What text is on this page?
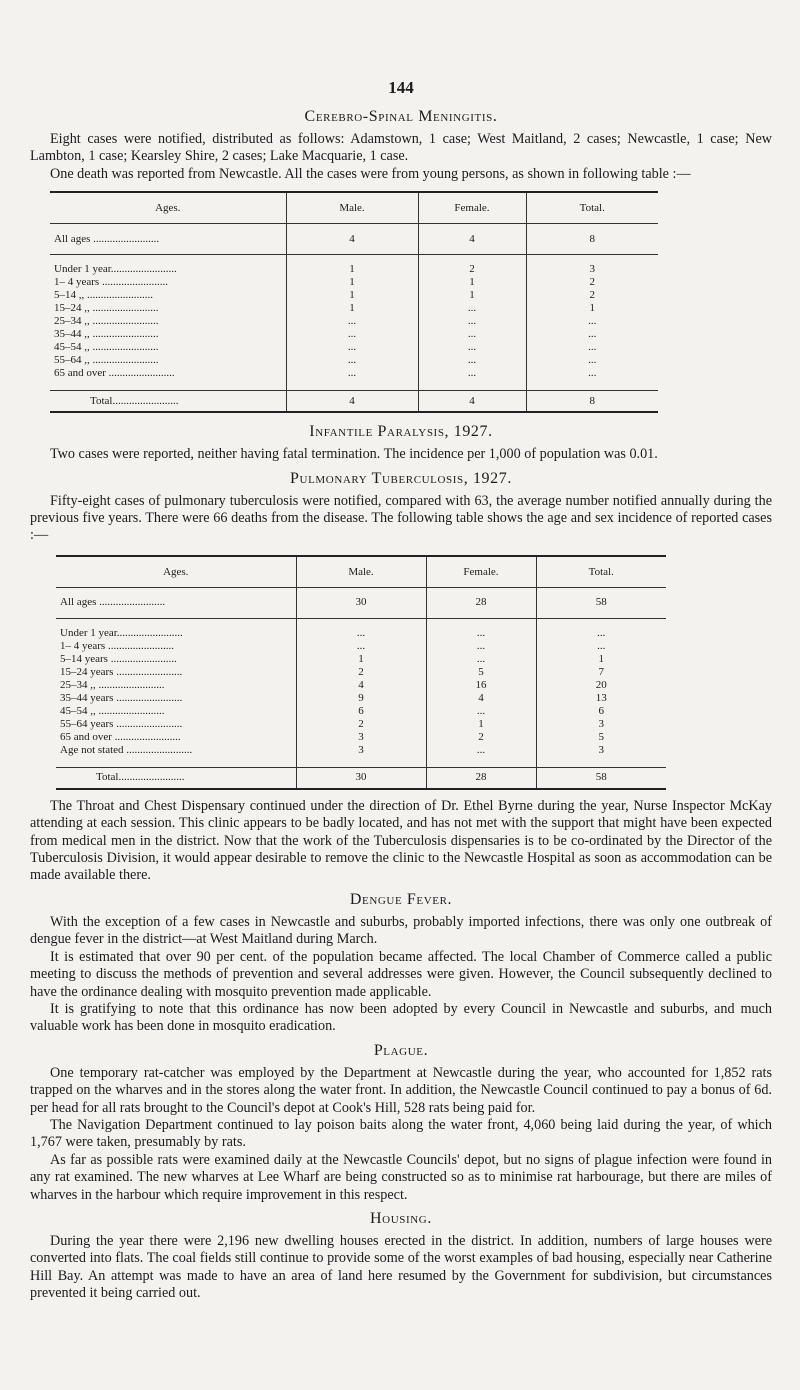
144
Cerebro-Spinal Meningitis.

Eight cases were notified, distributed as follows: Adamstown, 1 case; West Maitland, 2 cases; Newcastle, 1 case; New Lambton, 1 case; Kearsley Shire, 2 cases; Lake Macquarie, 1 case.

One death was reported from Newcastle. All the cases were from young persons, as shown in following table :—

Ages.	Male.	Female.	Total.
All ages ........................	4	4	8
Under 1 year........................	1	2	3
1– 4 years ........................	1	1	2
5–14 ,, ........................	1	1	2
15–24 ,, ........................	1	...	1
25–34 ,, ........................	...	...	...
35–44 ,, ........................	...	...	...
45–54 ,, ........................	...	...	...
55–64 ,, ........................	...	...	...
65 and over ........................	...	...	...
Total........................	4	4	8
Infantile Paralysis, 1927.

Two cases were reported, neither having fatal termination. The incidence per 1,000 of population was 0.01.

Pulmonary Tuberculosis, 1927.

Fifty-eight cases of pulmonary tuberculosis were notified, compared with 63, the average number notified annually during the previous five years. There were 66 deaths from the disease. The following table shows the age and sex incidence of reported cases :—

Ages.	Male.	Female.	Total.
All ages ........................	30	28	58
Under 1 year........................	...	...	...
1– 4 years ........................	...	...	...
5–14 years ........................	1	...	1
15–24 years ........................	2	5	7
25–34 ,, ........................	4	16	20
35–44 years ........................	9	4	13
45–54 ,, ........................	6	...	6
55–64 years ........................	2	1	3
65 and over ........................	3	2	5
Age not stated ........................	3	...	3
Total........................	30	28	58

The Throat and Chest Dispensary continued under the direction of Dr. Ethel Byrne during the year, Nurse Inspector McKay attending at each session. This clinic appears to be badly located, and has not met with the support that might have been expected from medical men in the district. Now that the work of the Tuberculosis dispensaries is to be co-ordinated by the Director of the Tuberculosis Division, it would appear desirable to remove the clinic to the Newcastle Hospital as soon as accommodation can be made available there.

Dengue Fever.

With the exception of a few cases in Newcastle and suburbs, probably imported infections, there was only one outbreak of dengue fever in the district—at West Maitland during March.

It is estimated that over 90 per cent. of the population became affected. The local Chamber of Commerce called a public meeting to discuss the methods of prevention and several addresses were given. However, the Council subsequently declined to have the ordinance dealing with mosquito prevention made applicable.

It is gratifying to note that this ordinance has now been adopted by every Council in Newcastle and suburbs, and much valuable work has been done in mosquito eradication.

Plague.

One temporary rat-catcher was employed by the Department at Newcastle during the year, who accounted for 1,852 rats trapped on the wharves and in the stores along the water front. In addition, the Newcastle Council continued to pay a bonus of 6d. per head for all rats brought to the Council's depot at Cook's Hill, 528 rats being paid for.

The Navigation Department continued to lay poison baits along the water front, 4,060 being laid during the year, of which 1,767 were taken, presumably by rats.

As far as possible rats were examined daily at the Newcastle Councils' depot, but no signs of plague infection were found in any rat examined. The new wharves at Lee Wharf are being constructed so as to minimise rat harbourage, but there are miles of wharves in the harbour which require improvement in this respect.

Housing.

During the year there were 2,196 new dwelling houses erected in the district. In addition, numbers of large houses were converted into flats. The coal fields still continue to provide some of the worst examples of bad housing, especially near Catherine Hill Bay. An attempt was made to have an area of land here resumed by the Government for subdivision, but circumstances prevented it being carried out.
